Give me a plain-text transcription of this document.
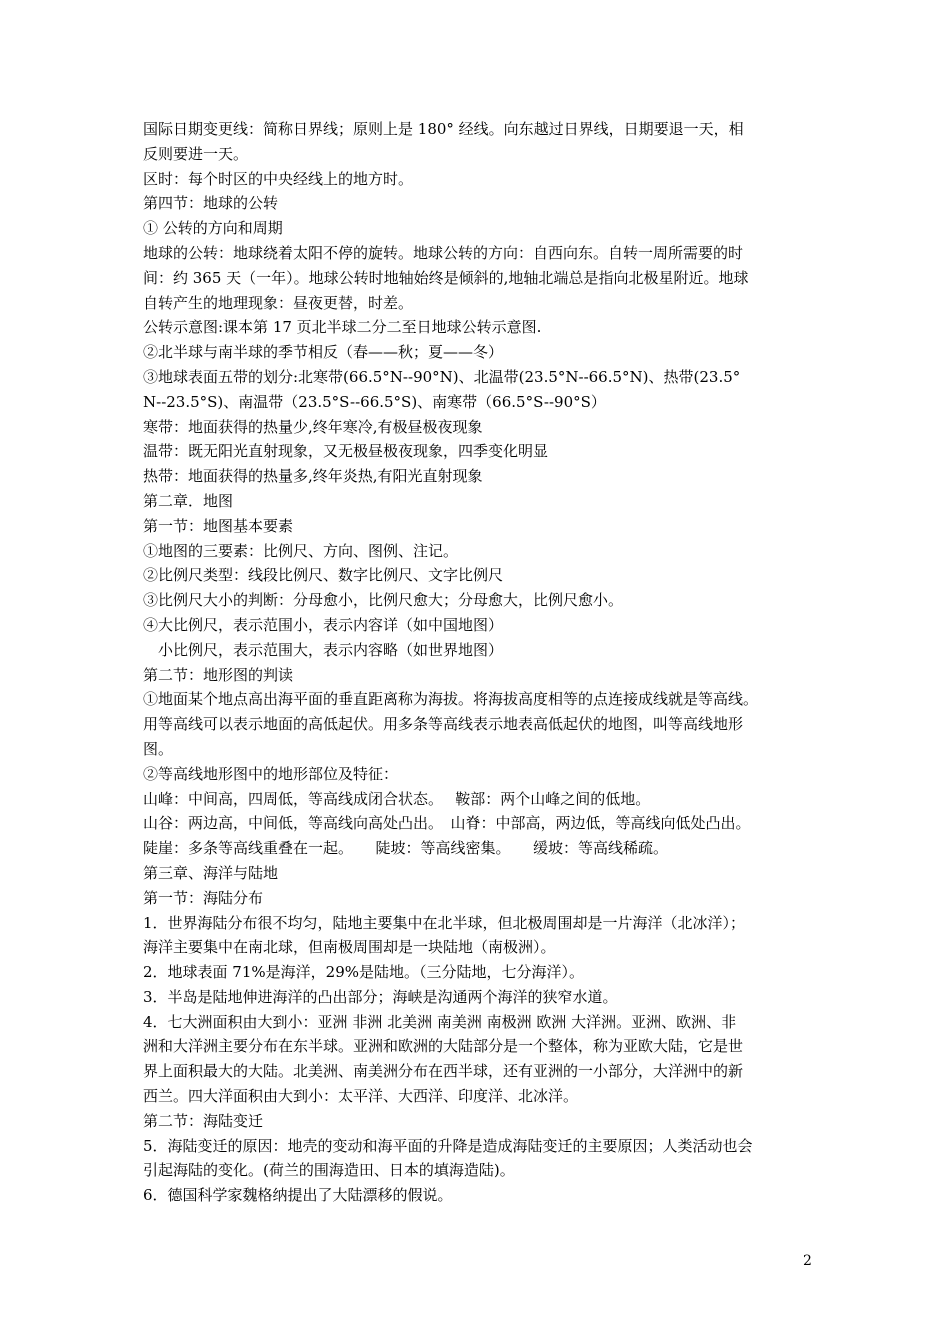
国际日期变更线：简称日界线；原则上是 180° 经线。向东越过日界线，日期要退一天，相
反则要进一天。
区时：每个时区的中央经线上的地方时。
第四节：地球的公转
① 公转的方向和周期
地球的公转：地球绕着太阳不停的旋转。地球公转的方向：自西向东。自转一周所需要的时
间：约 365 天（一年）。地球公转时地轴始终是倾斜的,地轴北端总是指向北极星附近。地球
自转产生的地理现象：昼夜更替，时差。
公转示意图:课本第 17 页北半球二分二至日地球公转示意图.
②北半球与南半球的季节相反（春——秋；夏——冬）
③地球表面五带的划分:北寒带(66.5°N--90°N)、北温带(23.5°N--66.5°N)、热带(23.5°
N--23.5°S)、南温带（23.5°S--66.5°S)、南寒带（66.5°S--90°S）
寒带：地面获得的热量少,终年寒冷,有极昼极夜现象
温带：既无阳光直射现象，又无极昼极夜现象，四季变化明显
热带：地面获得的热量多,终年炎热,有阳光直射现象
第二章．地图
第一节：地图基本要素
①地图的三要素：比例尺、方向、图例、注记。
②比例尺类型：线段比例尺、数字比例尺、文字比例尺
③比例尺大小的判断：分母愈小，比例尺愈大；分母愈大，比例尺愈小。
④大比例尺，表示范围小，表示内容详（如中国地图）
小比例尺，表示范围大，表示内容略（如世界地图）
第二节：地形图的判读
①地面某个地点高出海平面的垂直距离称为海拔。将海拔高度相等的点连接成线就是等高线。
用等高线可以表示地面的高低起伏。用多条等高线表示地表高低起伏的地图，叫等高线地形
图。
②等高线地形图中的地形部位及特征：
山峰：中间高，四周低，等高线成闭合状态。　 鞍部：两个山峰之间的低地。
山谷：两边高，中间低，等高线向高处凸出。　山脊：中部高，两边低，等高线向低处凸出。
陡崖：多条等高线重叠在一起。　　陡坡：等高线密集。　　缓坡：等高线稀疏。
第三章、海洋与陆地
第一节：海陆分布
1．世界海陆分布很不均匀，陆地主要集中在北半球，但北极周围却是一片海洋（北冰洋）；
海洋主要集中在南北球，但南极周围却是一块陆地（南极洲）。
2．地球表面 71%是海洋，29%是陆地。（三分陆地，七分海洋）。
3．半岛是陆地伸进海洋的凸出部分；海峡是沟通两个海洋的狭窄水道。
4．七大洲面积由大到小：亚洲 非洲 北美洲 南美洲 南极洲 欧洲 大洋洲。亚洲、欧洲、非
洲和大洋洲主要分布在东半球。亚洲和欧洲的大陆部分是一个整体，称为亚欧大陆，它是世
界上面积最大的大陆。北美洲、南美洲分布在西半球，还有亚洲的一小部分，大洋洲中的新
西兰。四大洋面积由大到小：太平洋、大西洋、印度洋、北冰洋。
第二节：海陆变迁
5．海陆变迁的原因：地壳的变动和海平面的升降是造成海陆变迁的主要原因；人类活动也会
引起海陆的变化。(荷兰的围海造田、日本的填海造陆)。
6．德国科学家魏格纳提出了大陆漂移的假说。
2
